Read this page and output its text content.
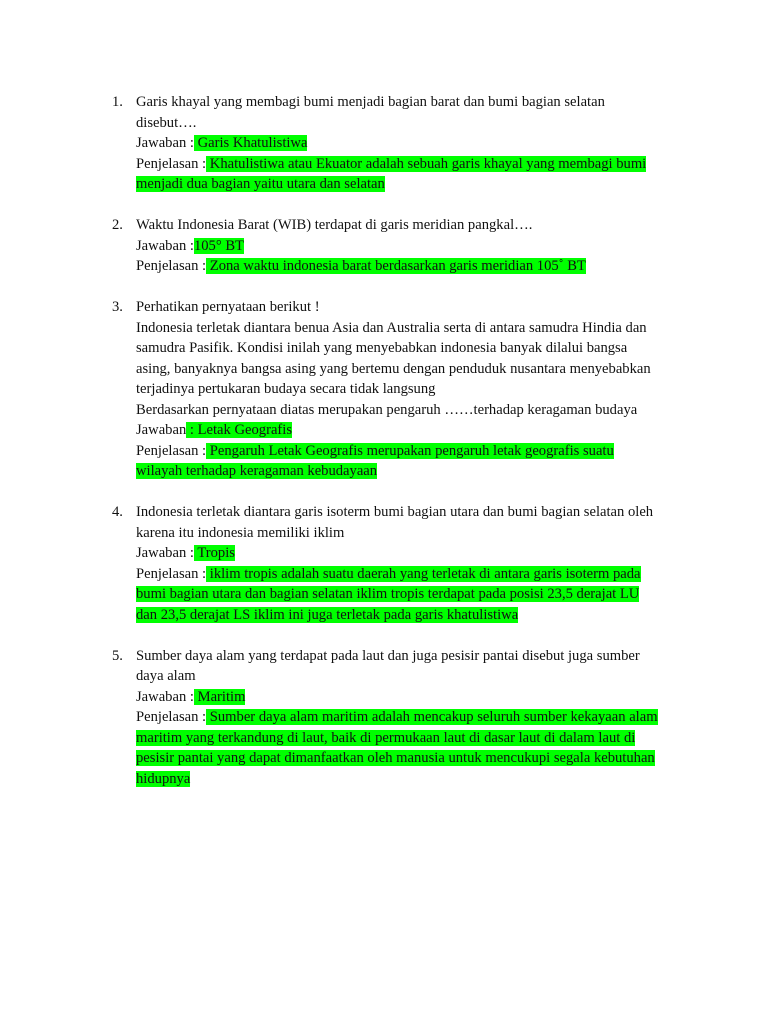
1. Garis khayal yang membagi bumi menjadi bagian barat dan bumi bagian selatan
disebut….
Jawaban : Garis Khatulistiwa
Penjelasan : Khatulistiwa atau Ekuator adalah sebuah garis khayal yang membagi bumi
menjadi dua bagian yaitu utara dan selatan
2. Waktu Indonesia Barat (WIB) terdapat di garis meridian pangkal….
Jawaban :105° BT
Penjelasan : Zona waktu indonesia barat berdasarkan garis meridian 105˚ BT
3. Perhatikan pernyataan berikut !
Indonesia terletak diantara benua Asia dan Australia serta di antara samudra Hindia dan
samudra Pasifik. Kondisi inilah yang menyebabkan indonesia banyak dilalui bangsa
asing, banyaknya bangsa asing yang bertemu dengan penduduk nusantara menyebabkan
terjadinya pertukaran budaya secara tidak langsung
Berdasarkan pernyataan diatas merupakan pengaruh ……terhadap keragaman budaya
Jawaban : Letak Geografis
Penjelasan : Pengaruh Letak Geografis merupakan pengaruh letak geografis suatu
wilayah terhadap keragaman kebudayaan
4. Indonesia terletak diantara garis isoterm bumi bagian utara dan bumi bagian selatan oleh
karena itu indonesia memiliki iklim
Jawaban : Tropis
Penjelasan : iklim tropis adalah suatu daerah yang terletak di antara garis isoterm pada
bumi bagian utara dan bagian selatan iklim tropis terdapat pada posisi 23,5 derajat LU
dan 23,5 derajat LS iklim ini juga terletak pada garis khatulistiwa
5. Sumber daya alam yang terdapat pada laut dan juga pesisir pantai disebut juga sumber
daya alam
Jawaban : Maritim
Penjelasan : Sumber daya alam maritim adalah mencakup seluruh sumber kekayaan alam
maritim yang terkandung di laut, baik di permukaan laut di dasar laut di dalam laut di
pesisir pantai yang dapat dimanfaatkan oleh manusia untuk mencukupi segala kebutuhan
hidupnya
